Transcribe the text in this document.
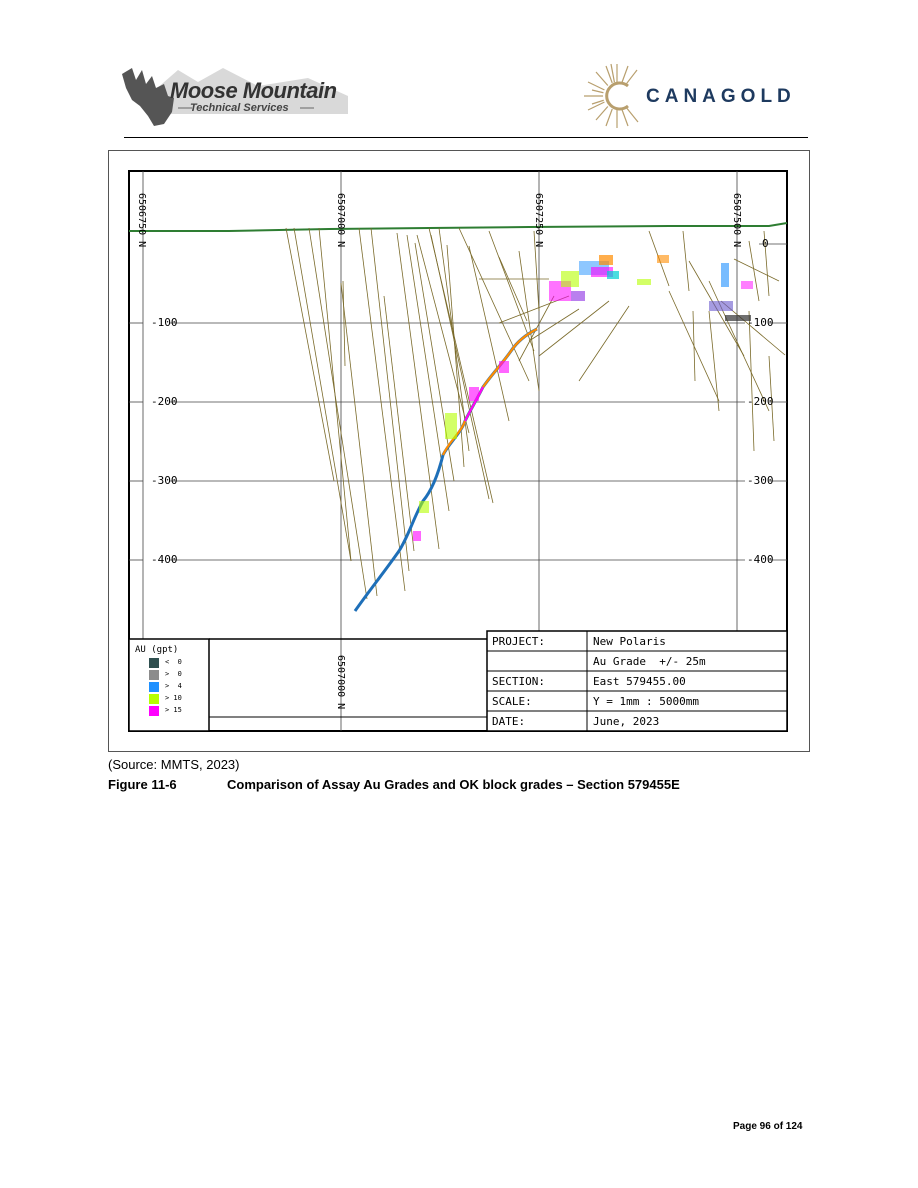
Moose Mountain
Technical Services
CANAGOLD
6506750 N	6507000 N	6507250 N	6507500 N
6507000 N
-100
-200
-300
-400
0
-100
-200
-300
-400
AU (gpt)
<  0
>  0
>  4
> 10
> 15
PROJECT:	New Polaris
Au Grade  +/- 25m
SECTION:	East 579455.00
SCALE:	Y = 1mm : 5000mm
DATE:	June, 2023
(Source: MMTS, 2023)
Figure 11-6	Comparison of Assay Au Grades and OK block grades – Section 579455E
Page 96 of 124
